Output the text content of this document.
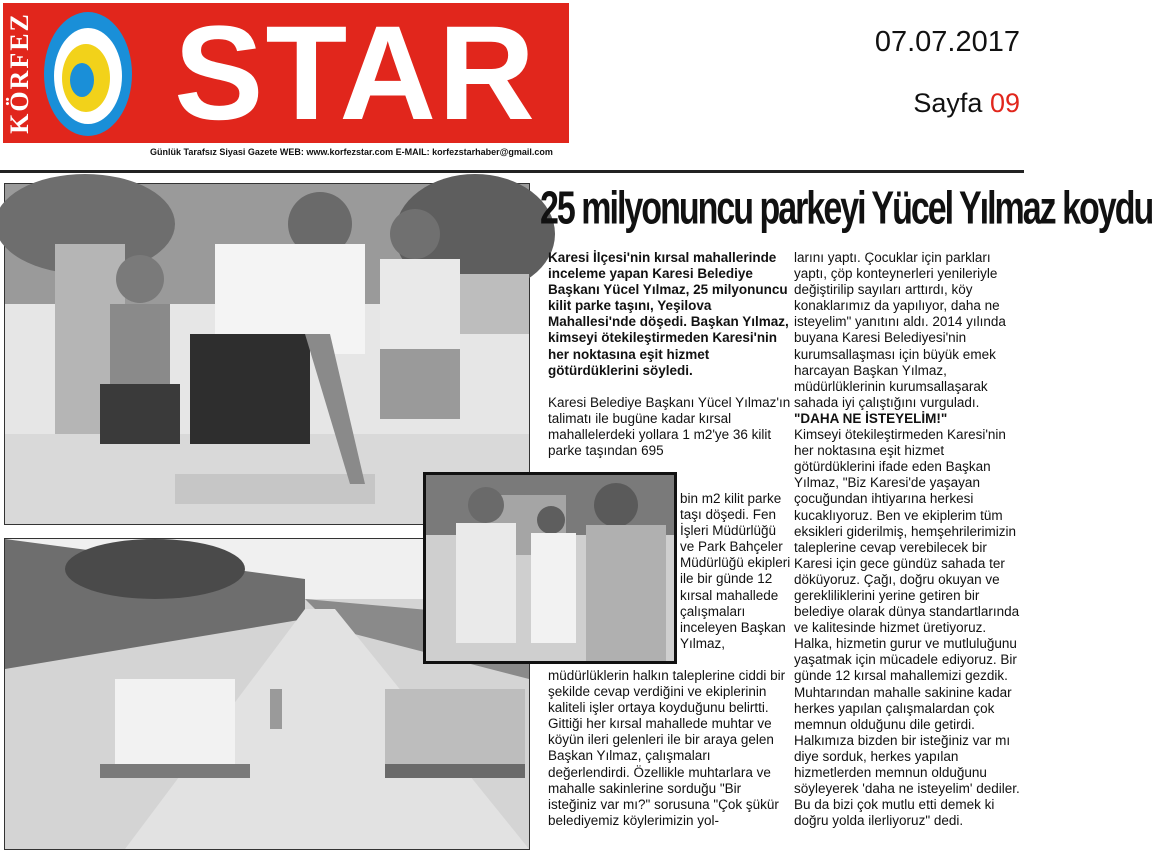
KÖRFEZ STAR
Günlük Tarafsız Siyasi Gazete WEB: www.korfezstar.com E-MAIL: korfezstarhaber@gmail.com
07.07.2017
Sayfa 09
25 milyonuncu parkeyi Yücel Yılmaz koydu
Karesi İlçesi'nin kırsal mahallerinde inceleme yapan Karesi Belediye Başkanı Yücel Yılmaz, 25 milyonuncu kilit parke taşını, Yeşilova Mahallesi'nde döşedi. Başkan Yılmaz, kimseyi ötekileştirmeden Karesi'nin her noktasına eşit hizmet götürdüklerini söyledi.
Karesi Belediye Başkanı Yücel Yılmaz'ın talimatı ile bugüne kadar kırsal mahallelerdeki yollara 1 m2'ye 36 kilit parke taşından 695
bin m2 kilit parke taşı döşedi. Fen İşleri Müdürlüğü ve Park Bahçeler Müdürlüğü ekipleri ile bir günde 12 kırsal mahallede çalışmaları inceleyen Başkan Yılmaz,
müdürlüklerin halkın taleplerine ciddi bir şekilde cevap verdiğini ve ekiplerinin kaliteli işler ortaya koyduğunu belirtti. Gittiği her kırsal mahallede muhtar ve köyün ileri gelenleri ile bir araya gelen Başkan Yılmaz, çalışmaları değerlendirdi. Özellikle muhtarlara ve mahalle sakinlerine sorduğu "Bir isteğiniz var mı?" sorusuna "Çok şükür belediyemiz köylerimizin yol-

larını yaptı. Çocuklar için parkları yaptı, çöp konteynerleri yenileriyle değiştirilip sayıları arttırdı, köy konaklarımız da yapılıyor, daha ne isteyelim" yanıtını aldı. 2014 yılında buyana Karesi Belediyesi'nin kurumsallaşması için büyük emek harcayan Başkan Yılmaz, müdürlüklerinin kurumsallaşarak sahada iyi çalıştığını vurguladı.

"DAHA NE İSTEYELİM!"

Kimseyi ötekileştirmeden Karesi'nin her noktasına eşit hizmet götürdüklerini ifade eden Başkan Yılmaz, "Biz Karesi'de yaşayan çocuğundan ihtiyarına herkesi kucaklıyoruz. Ben ve ekiplerim tüm eksikleri giderilmiş, hemşehrilerimizin taleplerine cevap verebilecek bir Karesi için gece gündüz sahada ter döküyoruz. Çağı, doğru okuyan ve gerekliliklerini yerine getiren bir belediye olarak dünya standartlarında ve kalitesinde hizmet üretiyoruz. Halka, hizmetin gurur ve mutluluğunu yaşatmak için mücadele ediyoruz. Bir günde 12 kırsal mahallemizi gezdik. Muhtarından mahalle sakinine kadar herkes yapılan çalışmalardan çok memnun olduğunu dile getirdi. Halkımıza bizden bir isteğiniz var mı diye sorduk, herkes yapılan hizmetlerden memnun olduğunu söyleyerek 'daha ne isteyelim' dediler. Bu da bizi çok mutlu etti demek ki doğru yolda ilerliyoruz" dedi.
